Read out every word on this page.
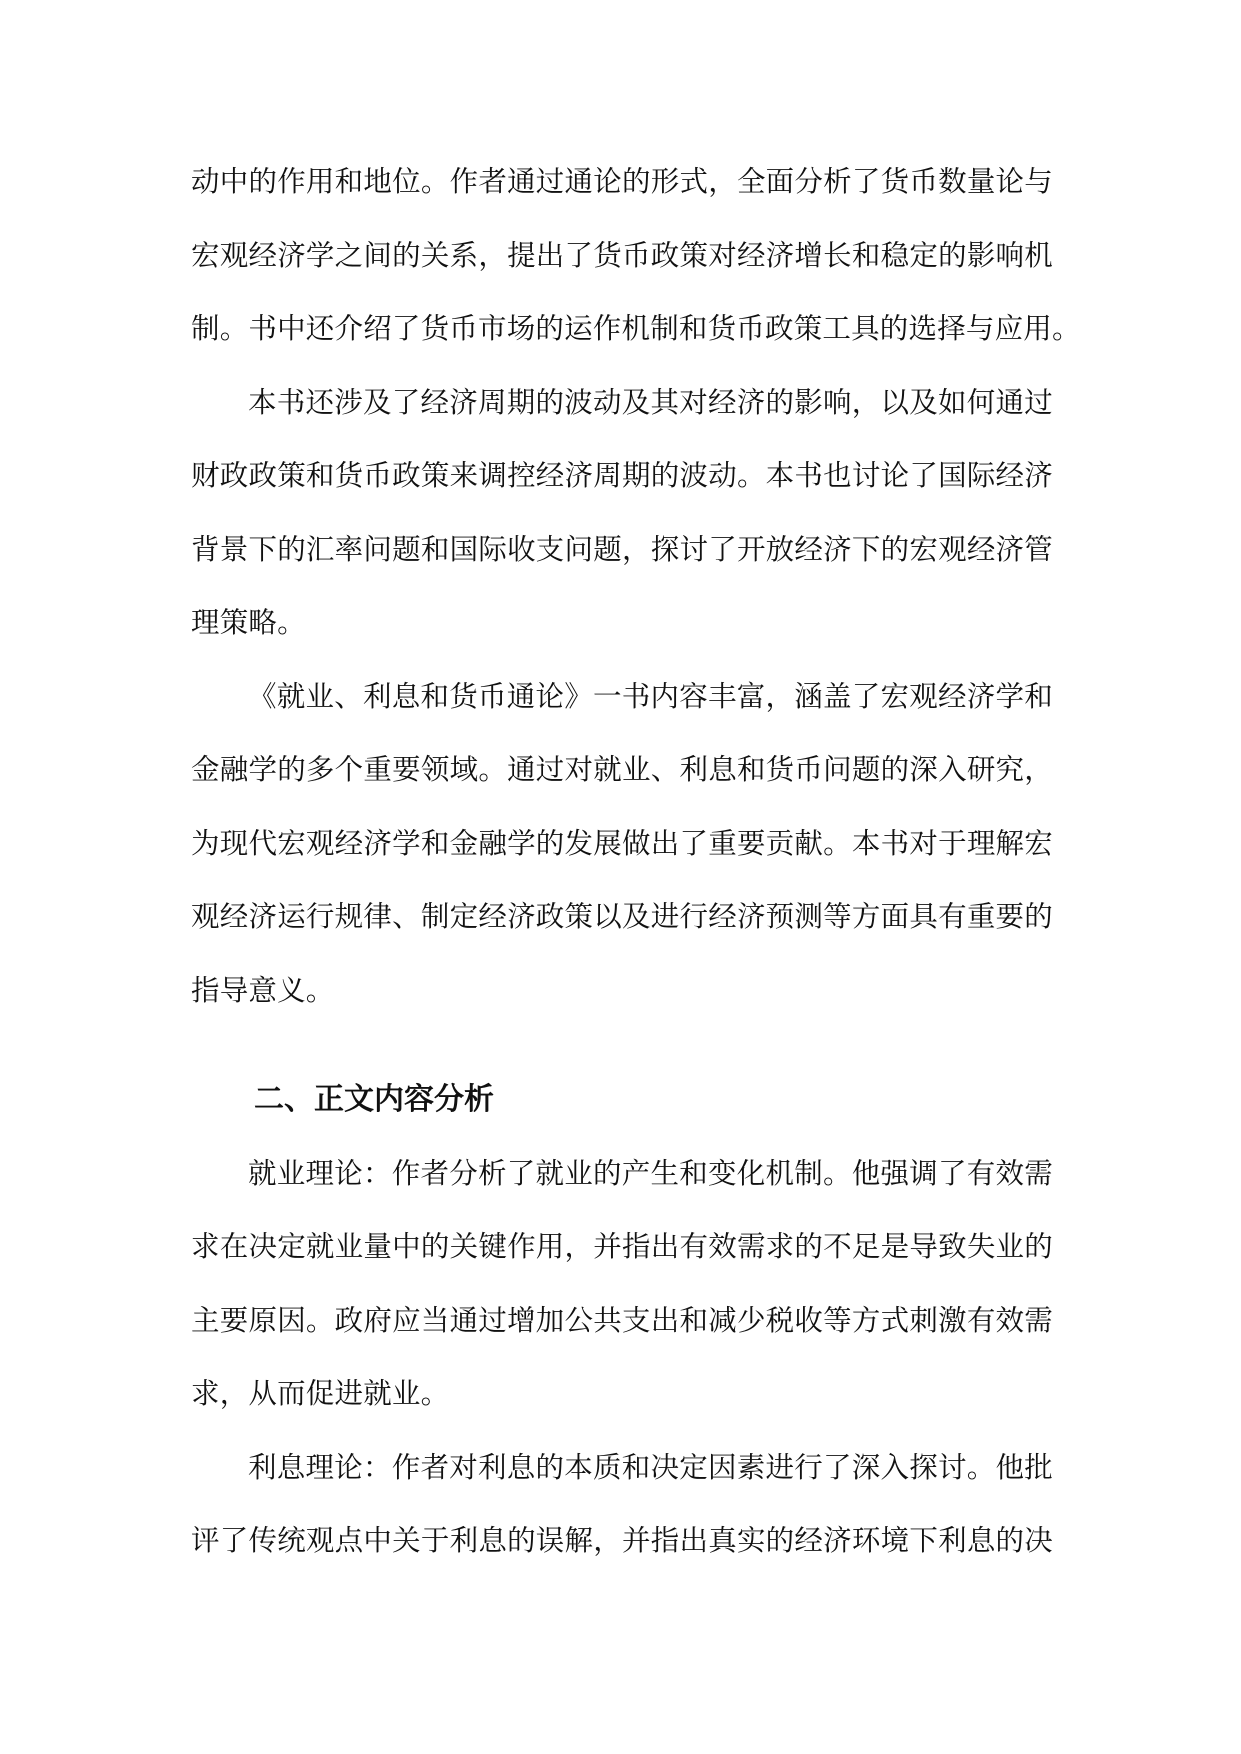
动中的作用和地位。作者通过通论的形式，全面分析了货币数量论与
宏观经济学之间的关系，提出了货币政策对经济增长和稳定的影响机
制。书中还介绍了货币市场的运作机制和货币政策工具的选择与应用。
本书还涉及了经济周期的波动及其对经济的影响，以及如何通过
财政政策和货币政策来调控经济周期的波动。本书也讨论了国际经济
背景下的汇率问题和国际收支问题，探讨了开放经济下的宏观经济管
理策略。
《就业、利息和货币通论》一书内容丰富，涵盖了宏观经济学和
金融学的多个重要领域。通过对就业、利息和货币问题的深入研究，
为现代宏观经济学和金融学的发展做出了重要贡献。本书对于理解宏
观经济运行规律、制定经济政策以及进行经济预测等方面具有重要的
指导意义。
二、正文内容分析
就业理论：作者分析了就业的产生和变化机制。他强调了有效需
求在决定就业量中的关键作用，并指出有效需求的不足是导致失业的
主要原因。政府应当通过增加公共支出和减少税收等方式刺激有效需
求，从而促进就业。
利息理论：作者对利息的本质和决定因素进行了深入探讨。他批
评了传统观点中关于利息的误解，并指出真实的经济环境下利息的决
